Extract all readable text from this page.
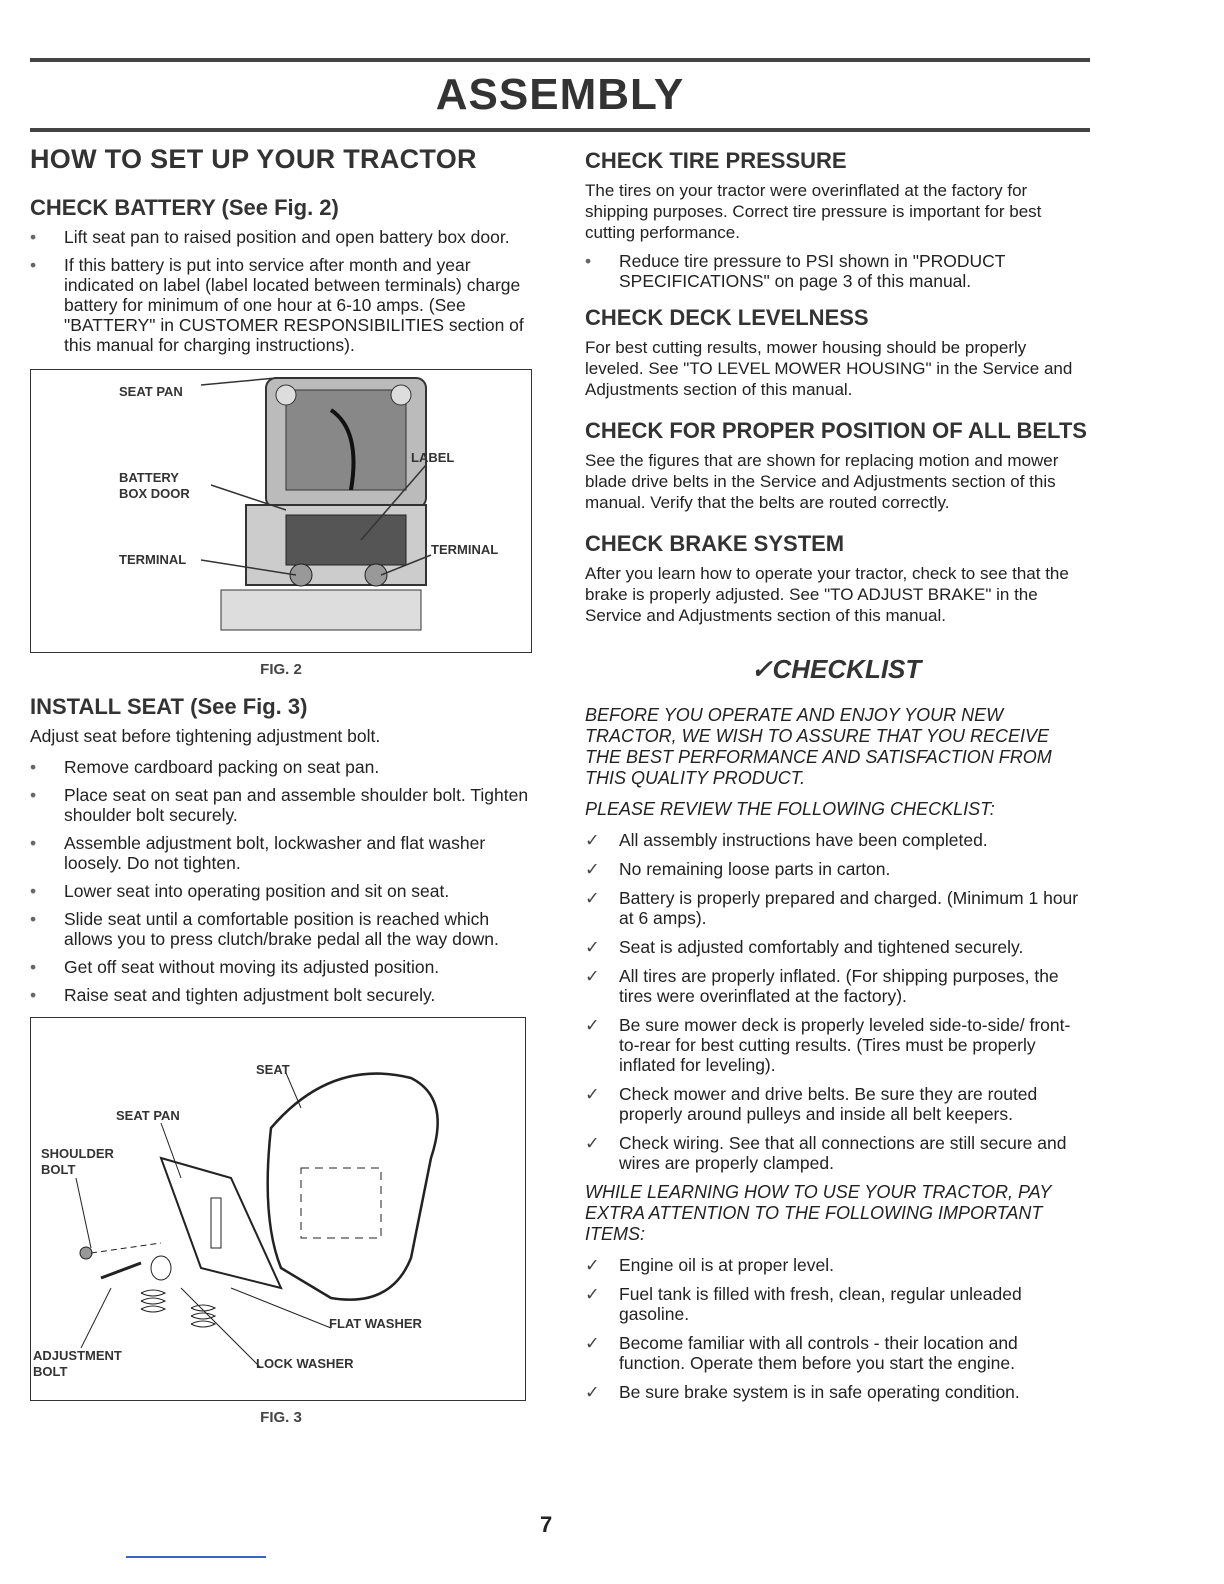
ASSEMBLY
HOW TO SET UP YOUR TRACTOR
CHECK BATTERY (See Fig. 2)
• Lift seat pan to raised position and open battery box door.
• If this battery is put into service after month and year indicated on label (label located between terminals) charge battery for minimum of one hour at 6-10 amps. (See "BATTERY" in CUSTOMER RESPONSIBILITIES section of this manual for charging instructions).
SEAT PAN
BATTERY
BOX DOOR
LABEL
TERMINAL
TERMINAL
FIG. 2
INSTALL SEAT (See Fig. 3)

Adjust seat before tightening adjustment bolt.

• Remove cardboard packing on seat pan.
• Place seat on seat pan and assemble shoulder bolt. Tighten shoulder bolt securely.
• Assemble adjustment bolt, lockwasher and flat washer loosely. Do not tighten.
• Lower seat into operating position and sit on seat.
• Slide seat until a comfortable position is reached which allows you to press clutch/brake pedal all the way down.
• Get off seat without moving its adjusted position.
• Raise seat and tighten adjustment bolt securely.
SEAT
SEAT PAN
SHOULDER
BOLT
FLAT WASHER
LOCK WASHER
ADJUSTMENT
BOLT
FIG. 3
CHECK TIRE PRESSURE

The tires on your tractor were overinflated at the factory for shipping purposes. Correct tire pressure is important for best cutting performance.

• Reduce tire pressure to PSI shown in "PRODUCT SPECIFICATIONS" on page 3 of this manual.
CHECK DECK LEVELNESS

For best cutting results, mower housing should be properly leveled. See "TO LEVEL MOWER HOUSING" in the Service and Adjustments section of this manual.

CHECK FOR PROPER POSITION OF ALL BELTS

See the figures that are shown for replacing motion and mower blade drive belts in the Service and Adjustments section of this manual. Verify that the belts are routed correctly.

CHECK BRAKE SYSTEM

After you learn how to operate your tractor, check to see that the brake is properly adjusted. See "TO ADJUST BRAKE" in the Service and Adjustments section of this manual.

✓CHECKLIST

BEFORE YOU OPERATE AND ENJOY YOUR NEW TRACTOR, WE WISH TO ASSURE THAT YOU RECEIVE THE BEST PERFORMANCE AND SATISFACTION FROM THIS QUALITY PRODUCT.

PLEASE REVIEW THE FOLLOWING CHECKLIST:

✓ All assembly instructions have been completed.
✓ No remaining loose parts in carton.
✓ Battery is properly prepared and charged. (Minimum 1 hour at 6 amps).
✓ Seat is adjusted comfortably and tightened securely.
✓ All tires are properly inflated. (For shipping purposes, the tires were overinflated at the factory).
✓ Be sure mower deck is properly leveled side-to-side/ front-to-rear for best cutting results. (Tires must be properly inflated for leveling).
✓ Check mower and drive belts. Be sure they are routed properly around pulleys and inside all belt keepers.
✓ Check wiring. See that all connections are still secure and wires are properly clamped.

WHILE LEARNING HOW TO USE YOUR TRACTOR, PAY EXTRA ATTENTION TO THE FOLLOWING IMPORTANT ITEMS:

✓ Engine oil is at proper level.
✓ Fuel tank is filled with fresh, clean, regular unleaded gasoline.
✓ Become familiar with all controls - their location and function. Operate them before you start the engine.
✓ Be sure brake system is in safe operating condition.
7
